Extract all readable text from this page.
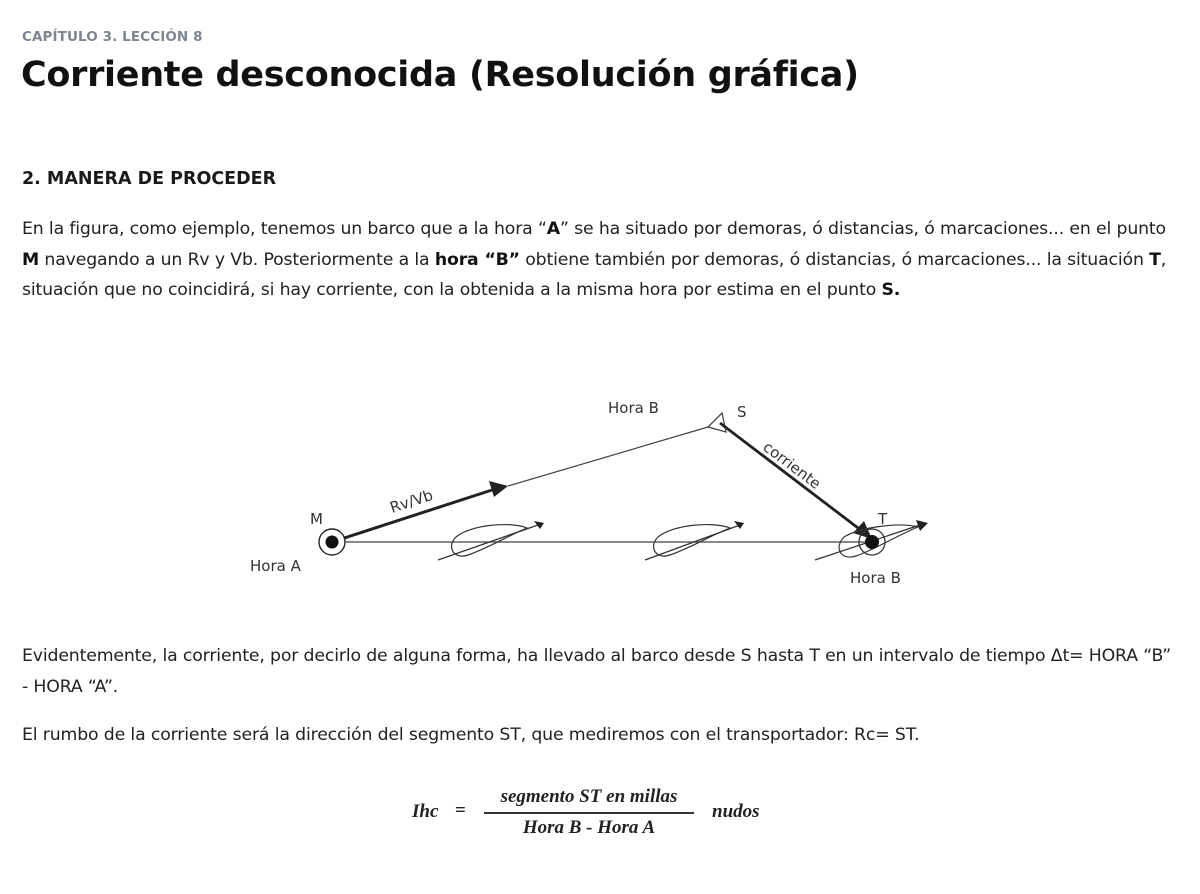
CAPÍTULO 3. LECCIÓN 8
Corriente desconocida (Resolución gráfica)
2. MANERA DE PROCEDER

En la figura, como ejemplo, tenemos un barco que a la hora “A” se ha situado por demoras, ó distancias, ó marcaciones... en el punto M navegando a un Rv y Vb. Posteriormente a la hora “B” obtiene también por demoras, ó distancias, ó marcaciones... la situación T, situación que no coincidirá, si hay corriente, con la obtenida a la misma hora por estima en el punto S.

Hora B	S
corriente
Rv/Vb
M
Hora A
T
Hora B

Evidentemente, la corriente, por decirlo de alguna forma, ha llevado al barco desde S hasta T en un intervalo de tiempo Δt= HORA “B” - HORA “A”.

El rumbo de la corriente será la dirección del segmento ST, que mediremos con el transportador: Rc= ST.

Ihc =
segmento ST en millas
Hora B - Hora A
nudos
